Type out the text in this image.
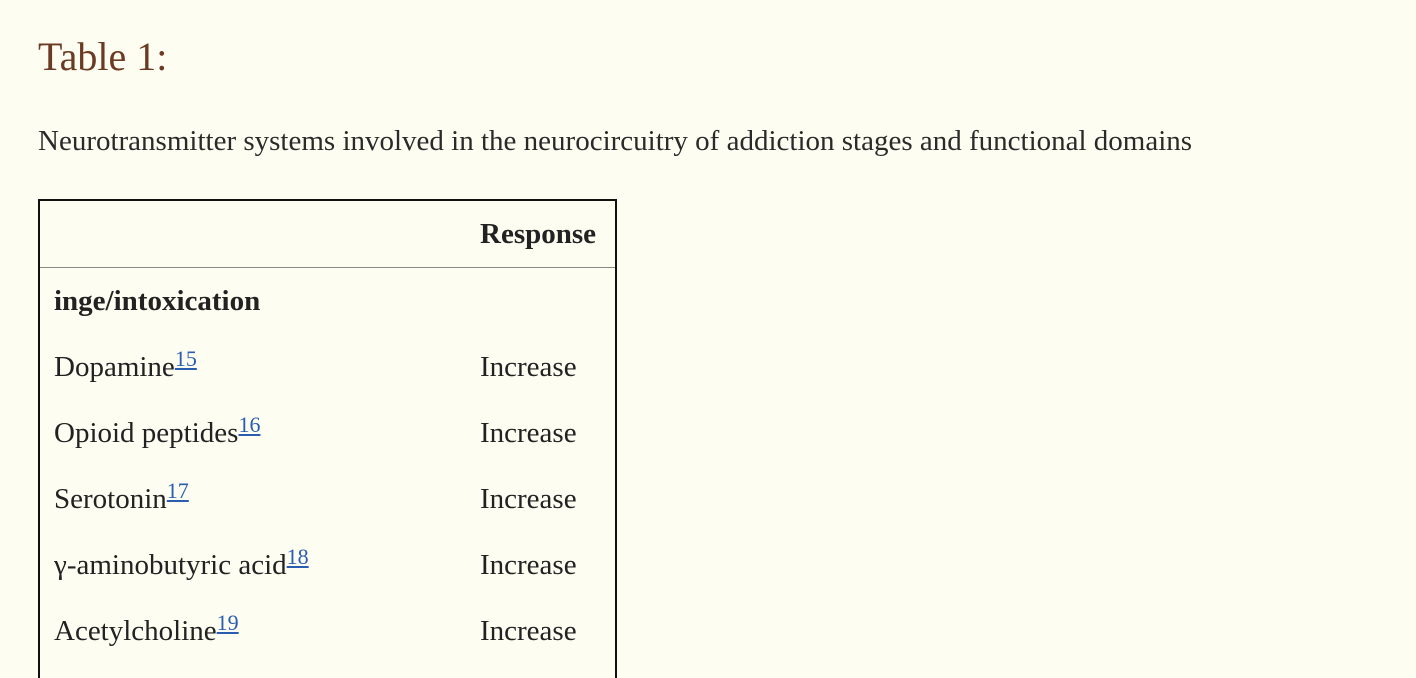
Table 1:

Neurotransmitter systems involved in the neurocircuitry of addiction stages and functional domains

	Response
inge/intoxication	
Dopamine$^{15}$	Increase
Opioid peptides$^{16}$	Increase
Serotonin$^{17}$	Increase
γ-aminobutyric acid$^{18}$	Increase
Acetylcholine$^{19}$	Increase
